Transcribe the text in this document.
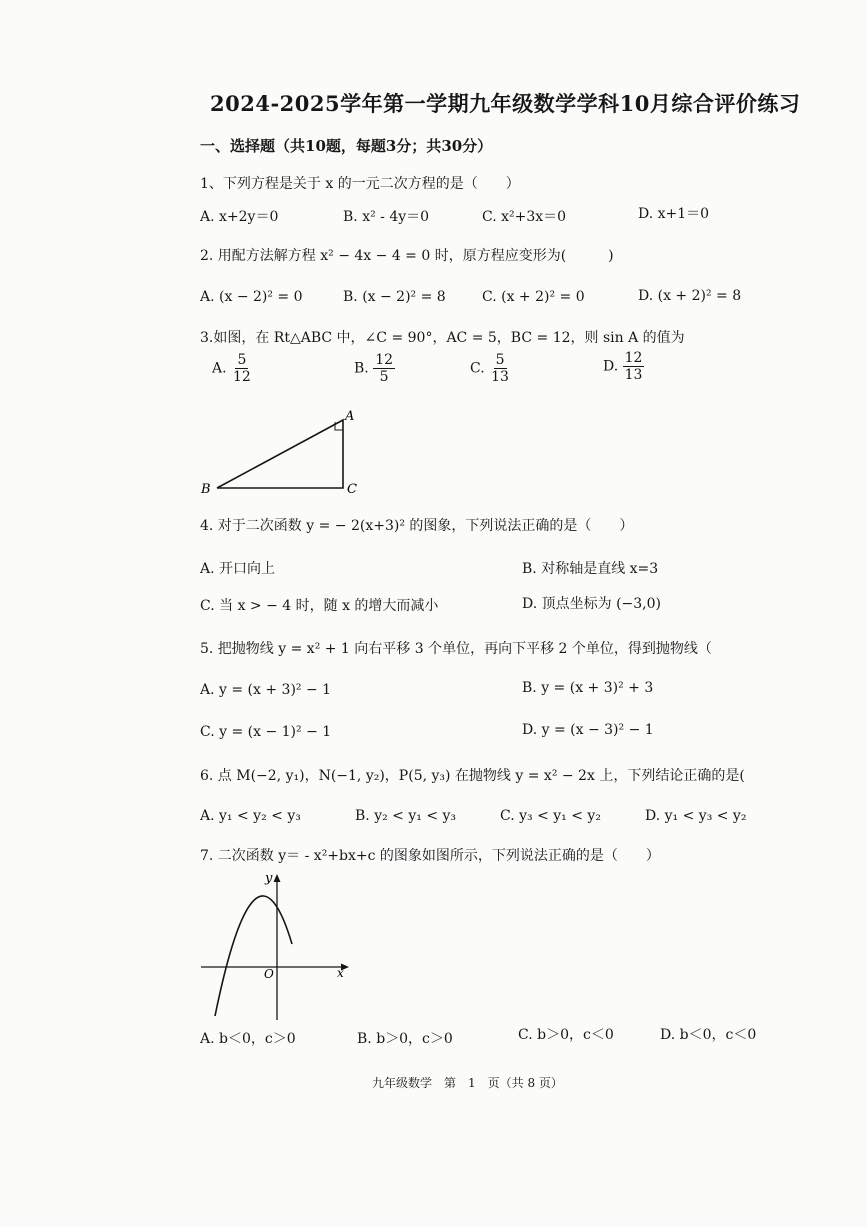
2024-2025学年第一学期九年级数学学科10月综合评价练习
一、选择题（共10题，每题3分；共30分）
1、下列方程是关于 x 的一元二次方程的是（　　）
A. x+2y＝0	B. x² - 4y＝0	C. x²+3x＝0	D. x+1＝0
2. 用配方法解方程 x² − 4x − 4 = 0 时，原方程应变形为(　　　)
A. (x − 2)² = 0	B. (x − 2)² = 8	C. (x + 2)² = 0	D. (x + 2)² = 8
3.如图，在 Rt△ABC 中，∠C = 90°，AC = 5，BC = 12，则 sin A 的值为
A. $\frac{5}{12}$	B. $\frac{12}{5}$	C. $\frac{5}{13}$	D. $\frac{12}{13}$
A
B	C
4. 对于二次函数 y = − 2(x+3)² 的图象，下列说法正确的是（　　）
A. 开口向上	B. 对称轴是直线 x=3
C. 当 x > − 4 时，随 x 的增大而减小	D. 顶点坐标为 (−3,0)
5. 把抛物线 y = x² + 1 向右平移 3 个单位，再向下平移 2 个单位，得到抛物线（
A. y = (x + 3)² − 1	B. y = (x + 3)² + 3
C. y = (x − 1)² − 1	D. y = (x − 3)² − 1
6. 点 M(−2, y₁)，N(−1, y₂)，P(5, y₃) 在抛物线 y = x² − 2x 上，下列结论正确的是(
A. y₁ < y₂ < y₃	B. y₂ < y₁ < y₃	C. y₃ < y₁ < y₂	D. y₁ < y₃ < y₂
7. 二次函数 y＝ - x²+bx+c 的图象如图所示，下列说法正确的是（　　）
y
x
O
A. b＜0，c＞0	B. b＞0，c＞0	C. b＞0，c＜0	D. b＜0，c＜0
九年级数学　第　1　页（共 8 页）
